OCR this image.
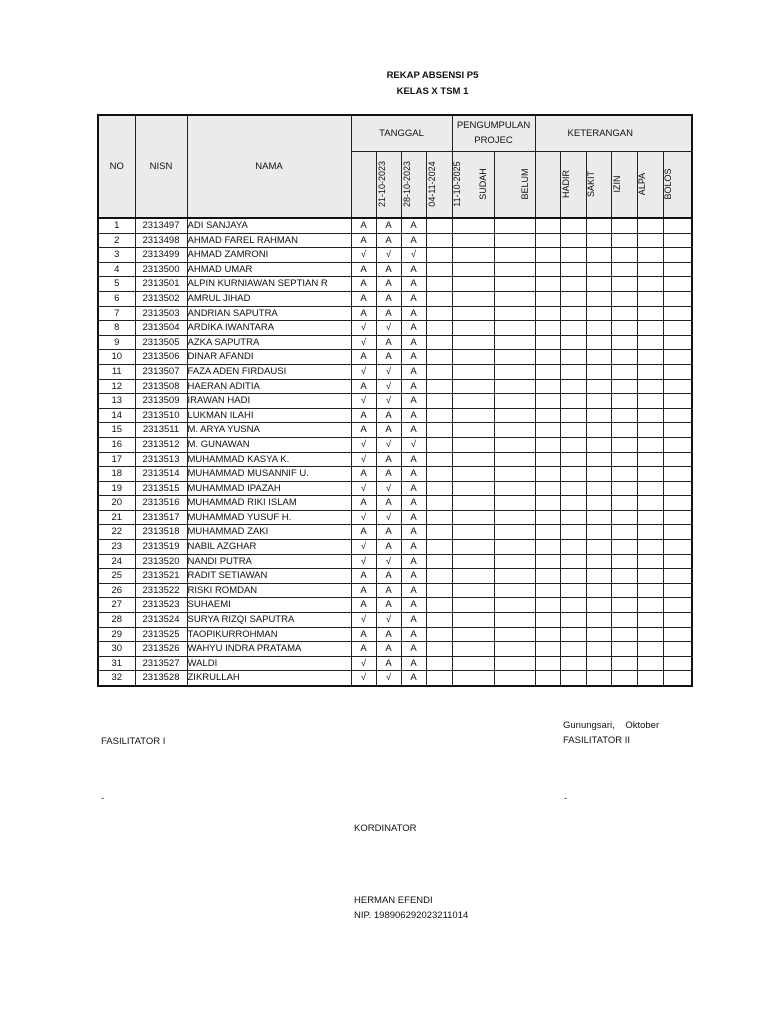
REKAP ABSENSI P5
KELAS X TSM 1
NO	NISN	NAMA	TANGGAL				PENGUMPULAN PROJEC		KETERANGAN					
			21-10-2023	28-10-2023	04-11-2024	11-10-2025	SUDAH	BELUM	HADIR	SAKIT	IZIN	ALPA	BOLOS	
1	2313497	ADI SANJAYA	A	A	A									
2	2313498	AHMAD FAREL RAHMAN	A	A	A									
3	2313499	AHMAD ZAMRONI	√	√	√									
4	2313500	AHMAD UMAR	A	A	A									
5	2313501	ALPIN KURNIAWAN SEPTIAN R	A	A	A									
6	2313502	AMRUL JIHAD	A	A	A									
7	2313503	ANDRIAN SAPUTRA	A	A	A									
8	2313504	ARDIKA IWANTARA	√	√	A									
9	2313505	AZKA SAPUTRA	√	A	A									
10	2313506	DINAR AFANDI	A	A	A									
11	2313507	FAZA ADEN FIRDAUSI	√	√	A									
12	2313508	HAERAN ADITIA	A	√	A									
13	2313509	IRAWAN HADI	√	√	A									
14	2313510	LUKMAN ILAHI	A	A	A									
15	2313511	M. ARYA YUSNA	A	A	A									
16	2313512	M. GUNAWAN	√	√	√									
17	2313513	MUHAMMAD KASYA K.	√	A	A									
18	2313514	MUHAMMAD MUSANNIF U.	A	A	A									
19	2313515	MUHAMMAD IPAZAH	√	√	A									
20	2313516	MUHAMMAD RIKI ISLAM	A	A	A									
21	2313517	MUHAMMAD YUSUF H.	√	√	A									
22	2313518	MUHAMMAD ZAKI	A	A	A									
23	2313519	NABIL AZGHAR	√	A	A									
24	2313520	NANDI PUTRA	√	√	A									
25	2313521	RADIT SETIAWAN	A	A	A									
26	2313522	RISKI ROMDAN	A	A	A									
27	2313523	SUHAEMI	A	A	A									
28	2313524	SURYA RIZQI SAPUTRA	√	√	A									
29	2313525	TAOPIKURROHMAN	A	A	A									
30	2313526	WAHYU INDRA PRATAMA	A	A	A									
31	2313527	WALDI	√	A	A									
32	2313528	ZIKRULLAH	√	√	A									
Gunungsari, Oktober
FASILITATOR I	FASILITATOR II
-	-
KORDINATOR
HERMAN EFENDI
NIP. 198906292023211014
